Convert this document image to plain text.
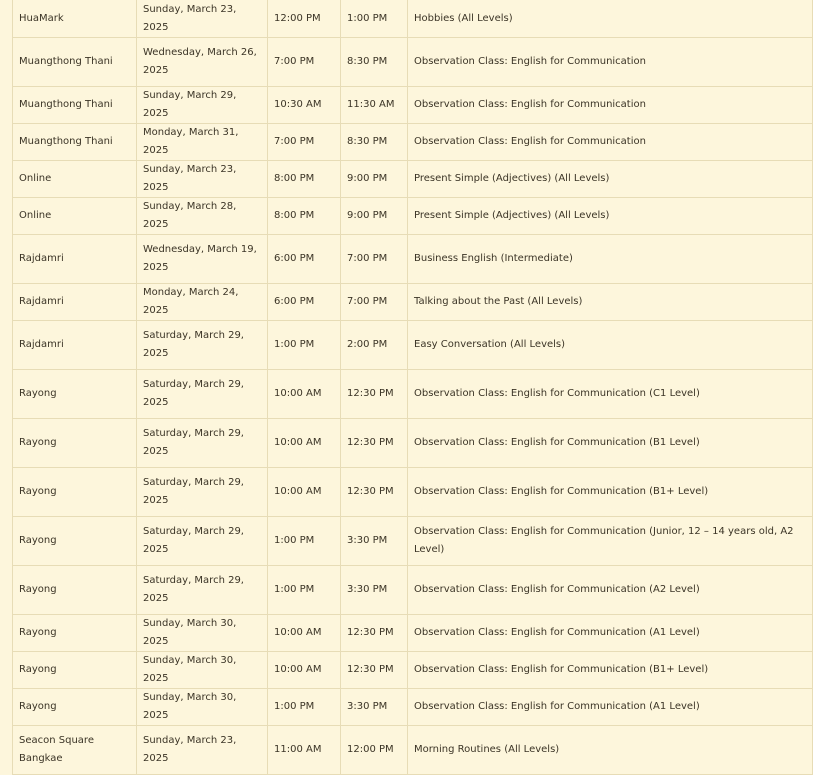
HuaMark	Sunday, March 23, 2025	12:00 PM	1:00 PM	Hobbies (All Levels)
Muangthong Thani	Wednesday, March 26, 2025	7:00 PM	8:30 PM	Observation Class: English for Communication
Muangthong Thani	Sunday, March 29, 2025	10:30 AM	11:30 AM	Observation Class: English for Communication
Muangthong Thani	Monday, March 31, 2025	7:00 PM	8:30 PM	Observation Class: English for Communication
Online	Sunday, March 23, 2025	8:00 PM	9:00 PM	Present Simple (Adjectives) (All Levels)
Online	Sunday, March 28, 2025	8:00 PM	9:00 PM	Present Simple (Adjectives) (All Levels)
Rajdamri	Wednesday, March 19, 2025	6:00 PM	7:00 PM	Business English (Intermediate)
Rajdamri	Monday, March 24, 2025	6:00 PM	7:00 PM	Talking about the Past (All Levels)
Rajdamri	Saturday, March 29, 2025	1:00 PM	2:00 PM	Easy Conversation (All Levels)
Rayong	Saturday, March 29, 2025	10:00 AM	12:30 PM	Observation Class: English for Communication (C1 Level)
Rayong	Saturday, March 29, 2025	10:00 AM	12:30 PM	Observation Class: English for Communication (B1 Level)
Rayong	Saturday, March 29, 2025	10:00 AM	12:30 PM	Observation Class: English for Communication (B1+ Level)
Rayong	Saturday, March 29, 2025	1:00 PM	3:30 PM	Observation Class: English for Communication (Junior, 12 – 14 years old, A2 Level)
Rayong	Saturday, March 29, 2025	1:00 PM	3:30 PM	Observation Class: English for Communication (A2 Level)
Rayong	Sunday, March 30, 2025	10:00 AM	12:30 PM	Observation Class: English for Communication (A1 Level)
Rayong	Sunday, March 30, 2025	10:00 AM	12:30 PM	Observation Class: English for Communication (B1+ Level)
Rayong	Sunday, March 30, 2025	1:00 PM	3:30 PM	Observation Class: English for Communication (A1 Level)
Seacon Square Bangkae	Sunday, March 23, 2025	11:00 AM	12:00 PM	Morning Routines (All Levels)
